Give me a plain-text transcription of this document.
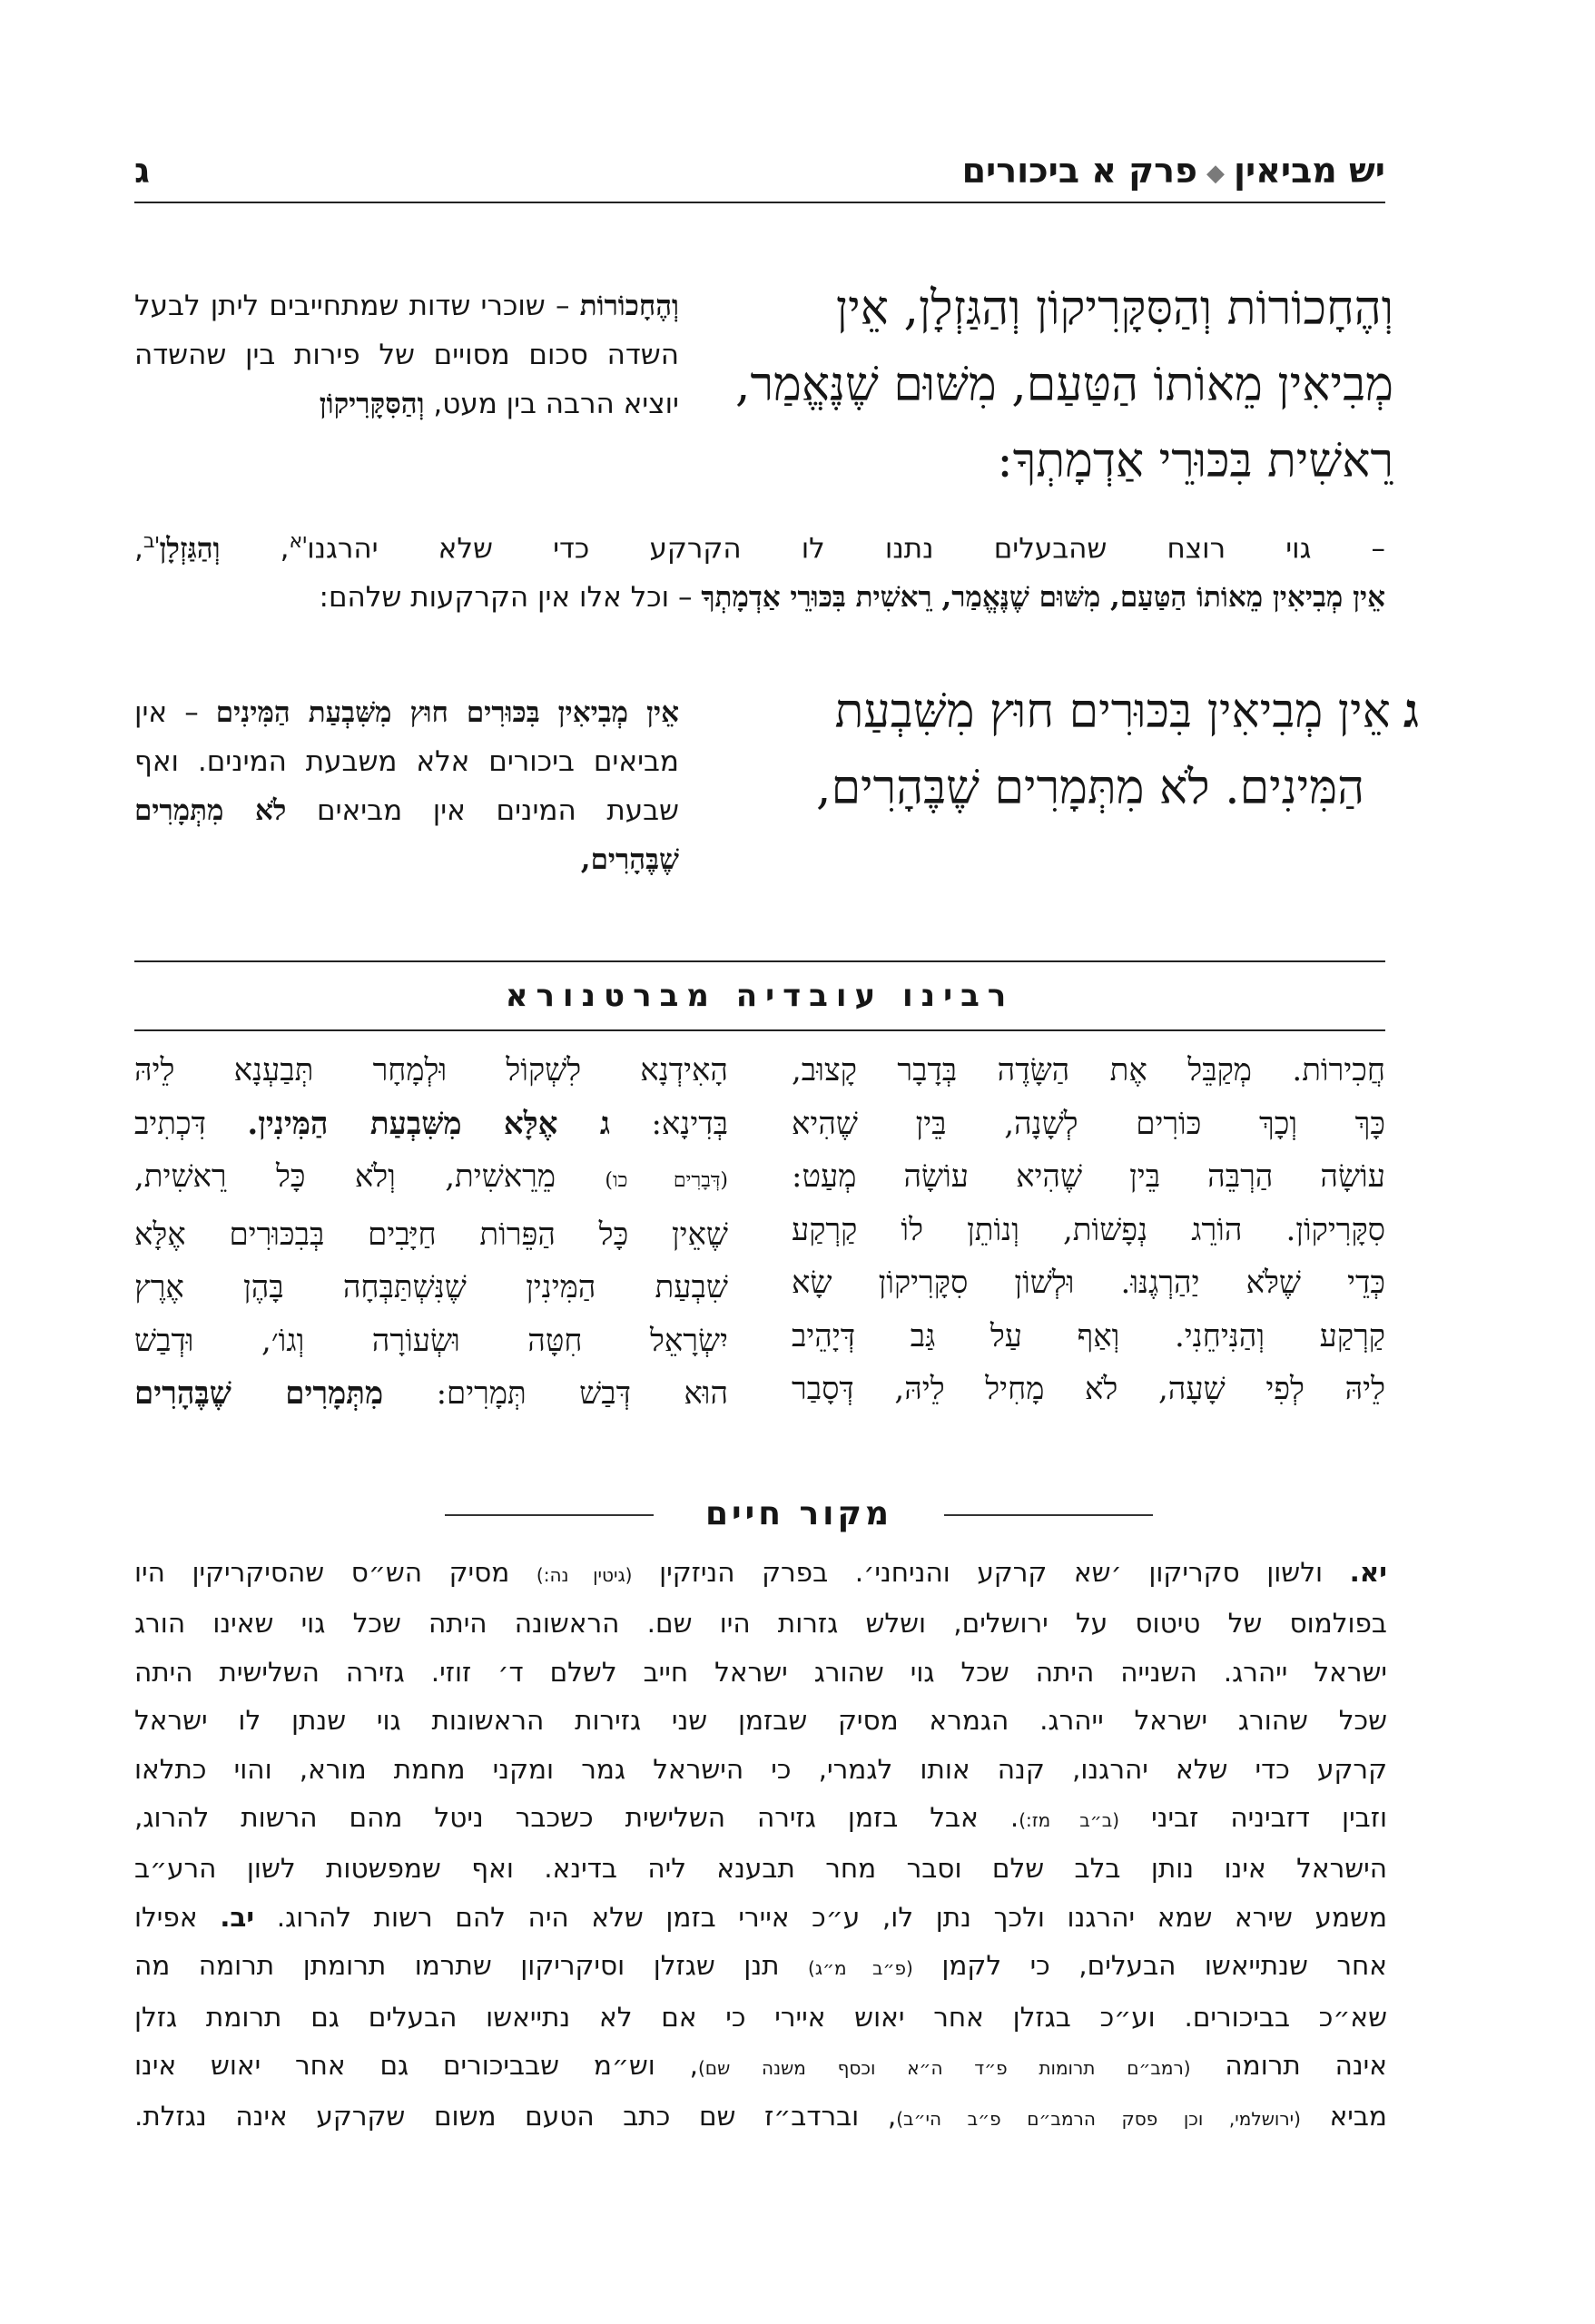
יש מביאין◆פרק א ביכורים
ג
וְהֶחָכוֹרוֹת וְהַסִּקָּרִיקוֹן וְהַגַּזְלָן, אֵין
מְבִיאִין מֵאוֹתוֹ הַטַּעַם, מִשּׁוּם שֶׁנֶּאֱמַר,
רֵאשִׁית בִּכּוּרֵי אַדְמָתְךָ:
וְהֶחָכוֹרוֹת – שוכרי שדות שמתחייבים ליתן לבעל השדה סכום מסויים של פירות בין שהשדה יוציא הרבה בין מעט, וְהַסִּקָּרִיקוֹן
– גוי רוצח שהבעלים נתנו לו הקרקע כדי שלא יהרגנו$^{יא}$, וְהַגַּזְלָן$^{יב}$,
אֵין מְבִיאִין מֵאוֹתוֹ הַטַּעַם, מִשּׁוּם שֶׁנֶּאֱמַר, רֵאשִׁית בִּכּוּרֵי אַדְמָתְךָ – וכל אלו אין הקרקעות שלהם:
גאֵין מְבִיאִין בִּכּוּרִים חוּץ מִשִּׁבְעַת
הַמִּינִים. לֹא מִתְּמָרִים שֶׁבֶּהָרִים,
אֵין מְבִיאִין בִּכּוּרִים חוּץ מִשִּׁבְעַת הַמִּינִים – אין מביאים ביכורים אלא משבעת המינים. ואף שבעת המינים אין מביאים לֹא מִתְּמָרִים שֶׁבֶּהָרִים,
רבינו עובדיה מברטנורא
חֲכִירוֹת. מְקַבֵּל אֶת הַשָּׂדֶה בְּדָבָר קָצוּב,
כָּךְ וְכָךְ כּוֹרִים לְשָׁנָה, בֵּין שֶׁהִיא
עוֹשָׂה הַרְבֵּה בֵּין שֶׁהִיא עוֹשָׂה מְעַט:
סִקָּרִיקוֹן. הוֹרֵג נְפָשׁוֹת, וְנוֹתֵן לוֹ קַרְקַע
כְּדֵי שֶׁלֹּא יַהַרְגֶנּוּ. וּלְשׁוֹן סִקָּרִיקוֹן שָׂא
קַרְקַע וְהַנִּיחֵנִי. וְאַף עַל גַּב דְּיָהֵיב
לֵיהּ לְפִי שָׁעָה, לֹא מָחִיל לֵיהּ, דְּסָבַר
הָאִידְנָא לִשְׁקוֹל וּלְמָחָר תְּבַעְנָא לֵיהּ
בְּדִינָא: ג אֶלָּא מִשִּׁבְעַת הַמִּינִין. דִּכְתִיב
(דְּבָרִים כו) מֵרֵאשִׁית, וְלֹא כָּל רֵאשִׁית,
שֶׁאֵין כָּל הַפֵּרוֹת חַיָּבִים בְּבִכּוּרִים אֶלָּא
שִׁבְעַת הַמִּינִין שֶׁנִּשְׁתַּבְּחָה בָּהֶן אֶרֶץ
יִשְׂרָאֵל חִטָּה וּשְׂעוֹרָה וְגוֹ׳, וּדְבַשׁ
הוּא דְּבַשׁ תְּמָרִים: מִתְּמָרִים שֶׁבֶּהָרִים
מקור חיים
יא. ולשון סקריקון ׳שא קרקע והניחני׳. בפרק הניזקין (גיטין נה:) מסיק הש״ס שהסיקריקין היו
בפולמוס של טיטוס על ירושלים, ושלש גזרות היו שם. הראשונה היתה שכל גוי שאינו הורג
ישראל ייהרג. השנייה היתה שכל גוי שהורג ישראל חייב לשלם ד׳ זוזי. גזירה השלישית היתה
שכל שהורג ישראל ייהרג. הגמרא מסיק שבזמן שני גזירות הראשונות גוי שנתן לו ישראל
קרקע כדי שלא יהרגנו, קנה אותו לגמרי, כי הישראל גמר ומקני מחמת מורא, והוי כתלאו
וזבין דזביניה זביני (ב״ב מז:). אבל בזמן גזירה השלישית כשכבר ניטל מהם הרשות להרוג,
הישראל אינו נותן בלב שלם וסבר מחר תבענא ליה בדינא. ואף שמפשטות לשון הרע״ב
משמע שירא שמא יהרגנו ולכך נתן לו, ע״כ איירי בזמן שלא היה להם רשות להרוג. יב. אפילו
אחר שנתייאשו הבעלים, כי לקמן (פ״ב מ״ג) תנן שגזלן וסיקריקון שתרמו תרומתן תרומה מה
שא״כ בביכורים. וע״כ בגזלן אחר יאוש איירי כי אם לא נתייאשו הבעלים גם תרומת גזלן
אינה תרומה (רמב״ם תרומות פ״ד ה״א וכסף משנה שם), וש״מ שבביכורים גם אחר יאוש אינו
מביא (ירושלמי, וכן פסק הרמב״ם פ״ב הי״ב), וברדב״ז שם כתב הטעם משום שקרקע אינה נגזלת.
